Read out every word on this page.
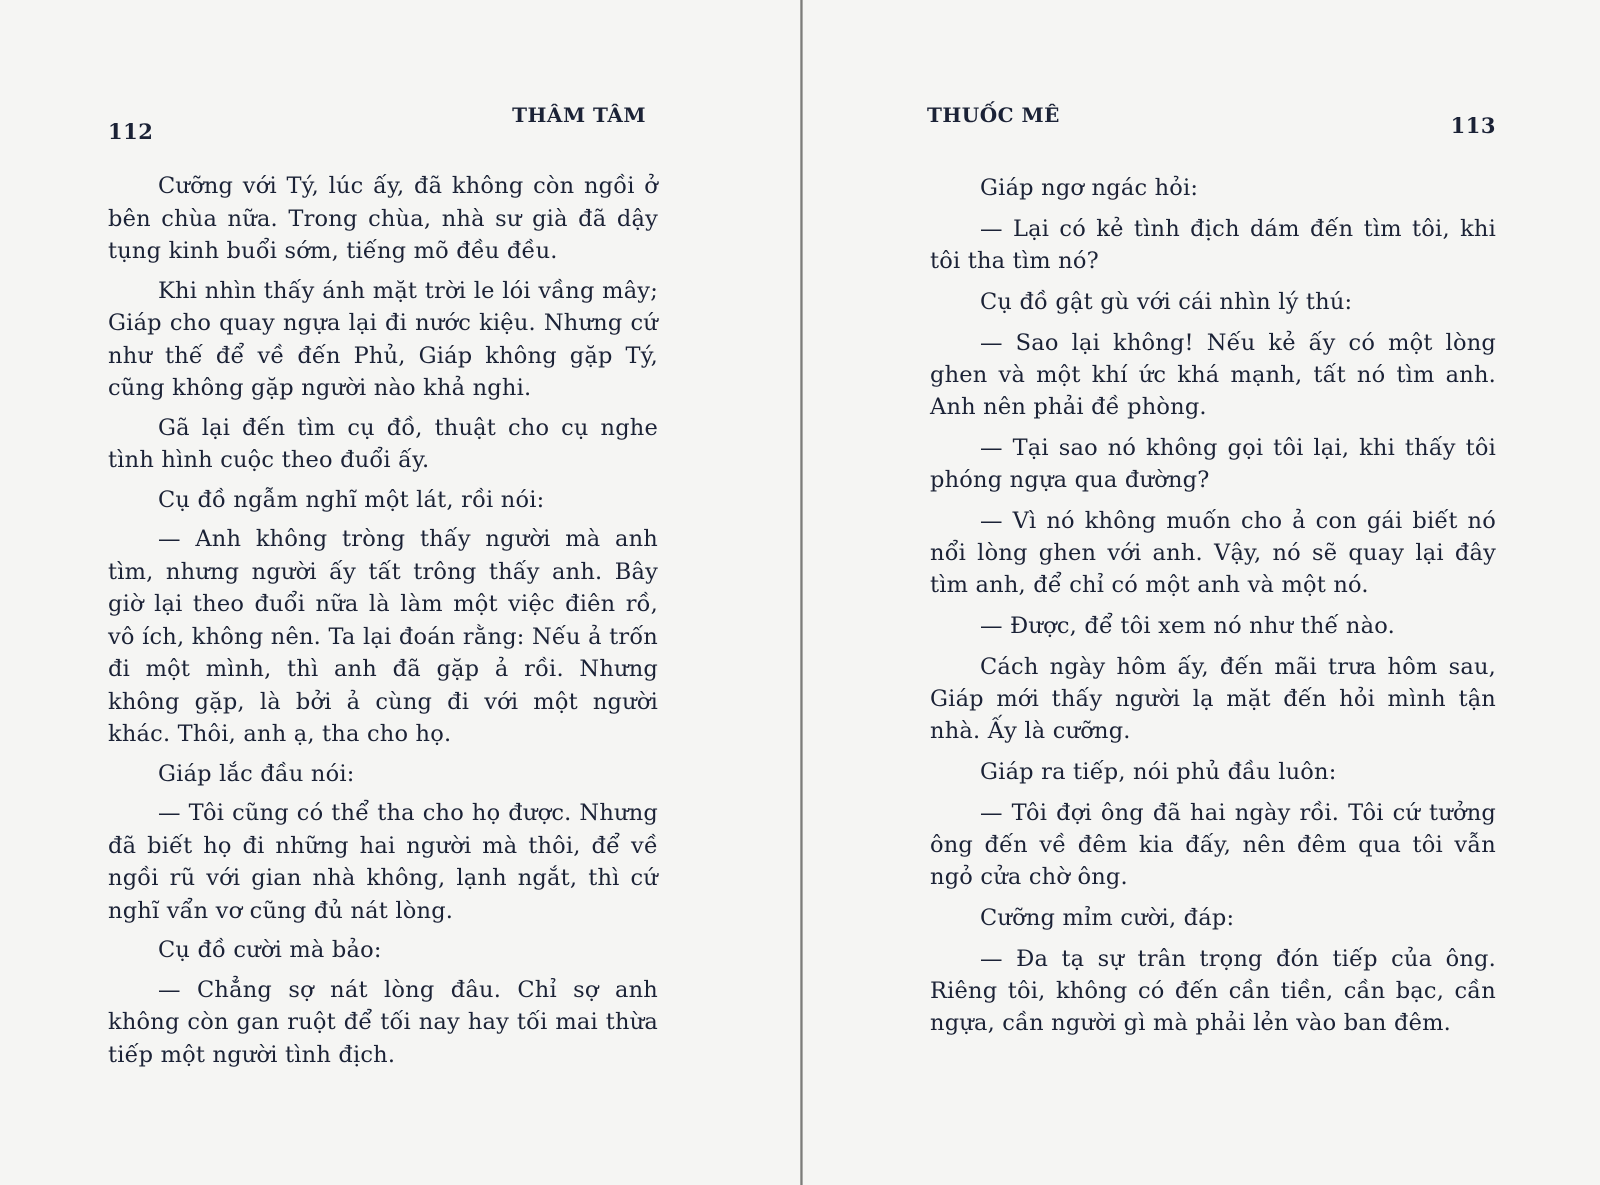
112
THÂM TÂM

Cưỡng với Tý, lúc ấy, đã không còn ngồi ở bên chùa nữa. Trong chùa, nhà sư già đã dậy tụng kinh buổi sớm, tiếng mõ đều đều.

Khi nhìn thấy ánh mặt trời le lói vầng mây; Giáp cho quay ngựa lại đi nước kiệu. Nhưng cứ như thế để về đến Phủ, Giáp không gặp Tý, cũng không gặp người nào khả nghi.

Gã lại đến tìm cụ đồ, thuật cho cụ nghe tình hình cuộc theo đuổi ấy.

Cụ đồ ngẫm nghĩ một lát, rồi nói:

— Anh không tròng thấy người mà anh tìm, nhưng người ấy tất trông thấy anh. Bây giờ lại theo đuổi nữa là làm một việc điên rồ, vô ích, không nên. Ta lại đoán rằng: Nếu ả trốn đi một mình, thì anh đã gặp ả rồi. Nhưng không gặp, là bởi ả cùng đi với một người khác. Thôi, anh ạ, tha cho họ.

Giáp lắc đầu nói:

— Tôi cũng có thể tha cho họ được. Nhưng đã biết họ đi những hai người mà thôi, để về ngồi rũ với gian nhà không, lạnh ngắt, thì cứ nghĩ vẩn vơ cũng đủ nát lòng.

Cụ đồ cười mà bảo:

— Chẳng sợ nát lòng đâu. Chỉ sợ anh không còn gan ruột để tối nay hay tối mai thừa tiếp một người tình địch.

THUỐC MÊ	113

Giáp ngơ ngác hỏi:

— Lại có kẻ tình địch dám đến tìm tôi, khi tôi tha tìm nó?

Cụ đồ gật gù với cái nhìn lý thú:

— Sao lại không! Nếu kẻ ấy có một lòng ghen và một khí ức khá mạnh, tất nó tìm anh. Anh nên phải đề phòng.

— Tại sao nó không gọi tôi lại, khi thấy tôi phóng ngựa qua đường?

— Vì nó không muốn cho ả con gái biết nó nổi lòng ghen với anh. Vậy, nó sẽ quay lại đây tìm anh, để chỉ có một anh và một nó.

— Được, để tôi xem nó như thế nào.

Cách ngày hôm ấy, đến mãi trưa hôm sau, Giáp mới thấy người lạ mặt đến hỏi mình tận nhà. Ấy là cưỡng.

Giáp ra tiếp, nói phủ đầu luôn:

— Tôi đợi ông đã hai ngày rồi. Tôi cứ tưởng ông đến về đêm kia đấy, nên đêm qua tôi vẫn ngỏ cửa chờ ông.

Cưỡng mỉm cười, đáp:

— Đa tạ sự trân trọng đón tiếp của ông. Riêng tôi, không có đến cần tiền, cần bạc, cần ngựa, cần người gì mà phải lẻn vào ban đêm.
